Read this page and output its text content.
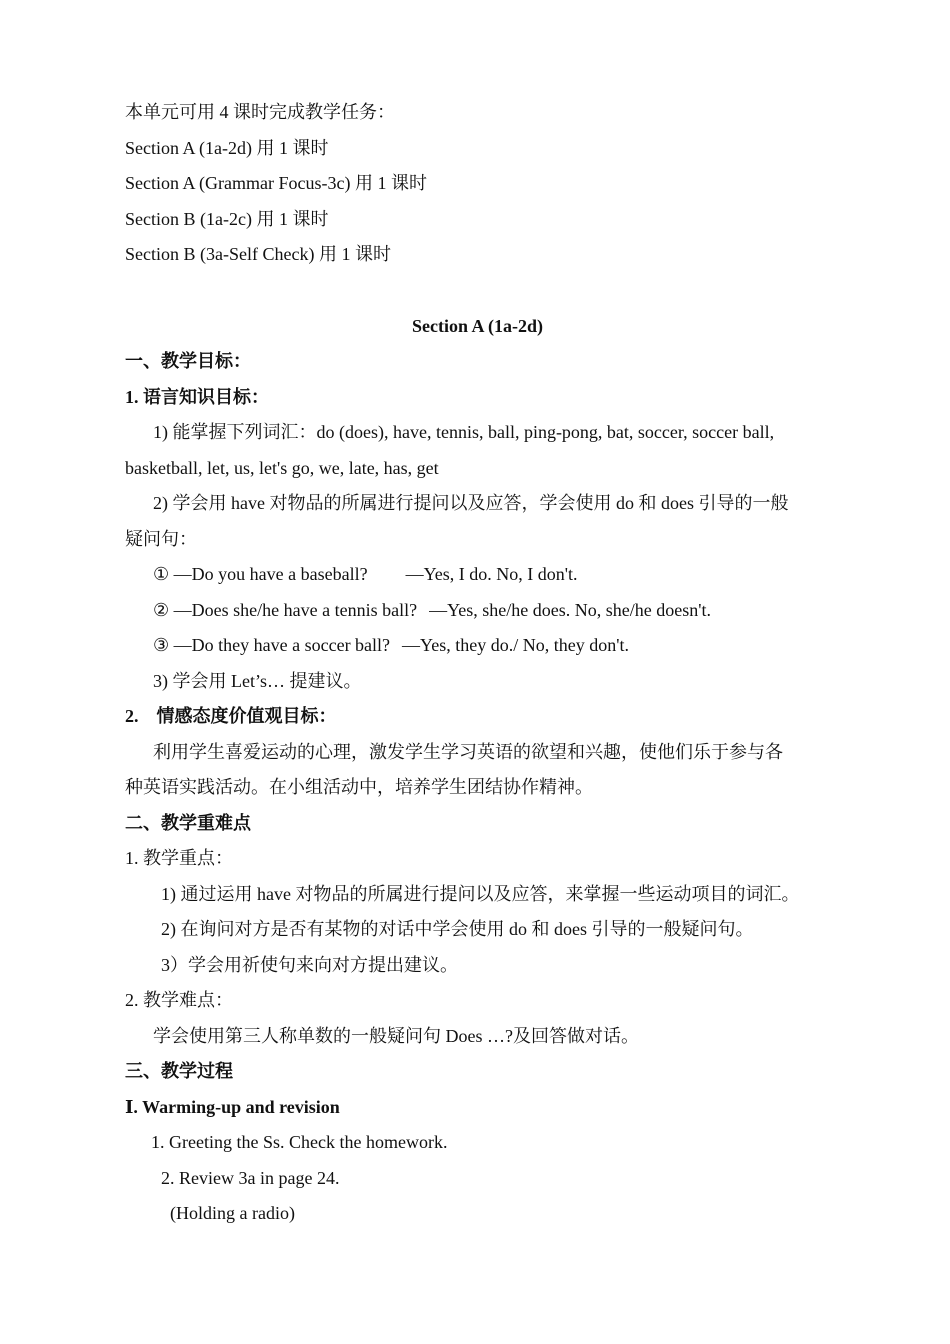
本单元可用 4 课时完成教学任务：
Section A (1a-2d) 用 1 课时
Section A (Grammar Focus-3c) 用 1 课时
Section B (1a-2c) 用 1 课时
Section B (3a-Self Check) 用 1 课时
Section A (1a-2d)
一、教学目标：
1. 语言知识目标：
1) 能掌握下列词汇：do (does), have, tennis, ball, ping-pong, bat, soccer, soccer ball,
basketball, let, us, let's go, we, late, has, get
2) 学会用 have 对物品的所属进行提问以及应答，学会使用 do 和 does 引导的一般
疑问句：
① —Do you have a baseball? —Yes, I do. No, I don't.
② —Does she/he have a tennis ball? —Yes, she/he does. No, she/he doesn't.
③ —Do they have a soccer ball? —Yes, they do./ No, they don't.
3) 学会用 Let’s… 提建议。
2.　情感态度价值观目标：
利用学生喜爱运动的心理，激发学生学习英语的欲望和兴趣，使他们乐于参与各
种英语实践活动。在小组活动中，培养学生团结协作精神。
二、教学重难点
1. 教学重点：
1) 通过运用 have 对物品的所属进行提问以及应答，来掌握一些运动项目的词汇。
2) 在询问对方是否有某物的对话中学会使用 do 和 does 引导的一般疑问句。
3）学会用祈使句来向对方提出建议。
2. 教学难点：
学会使用第三人称单数的一般疑问句 Does …?及回答做对话。
三、教学过程
Ⅰ. Warming-up and revision
1. Greeting the Ss. Check the homework.
2. Review 3a in page 24.
(Holding a radio)
